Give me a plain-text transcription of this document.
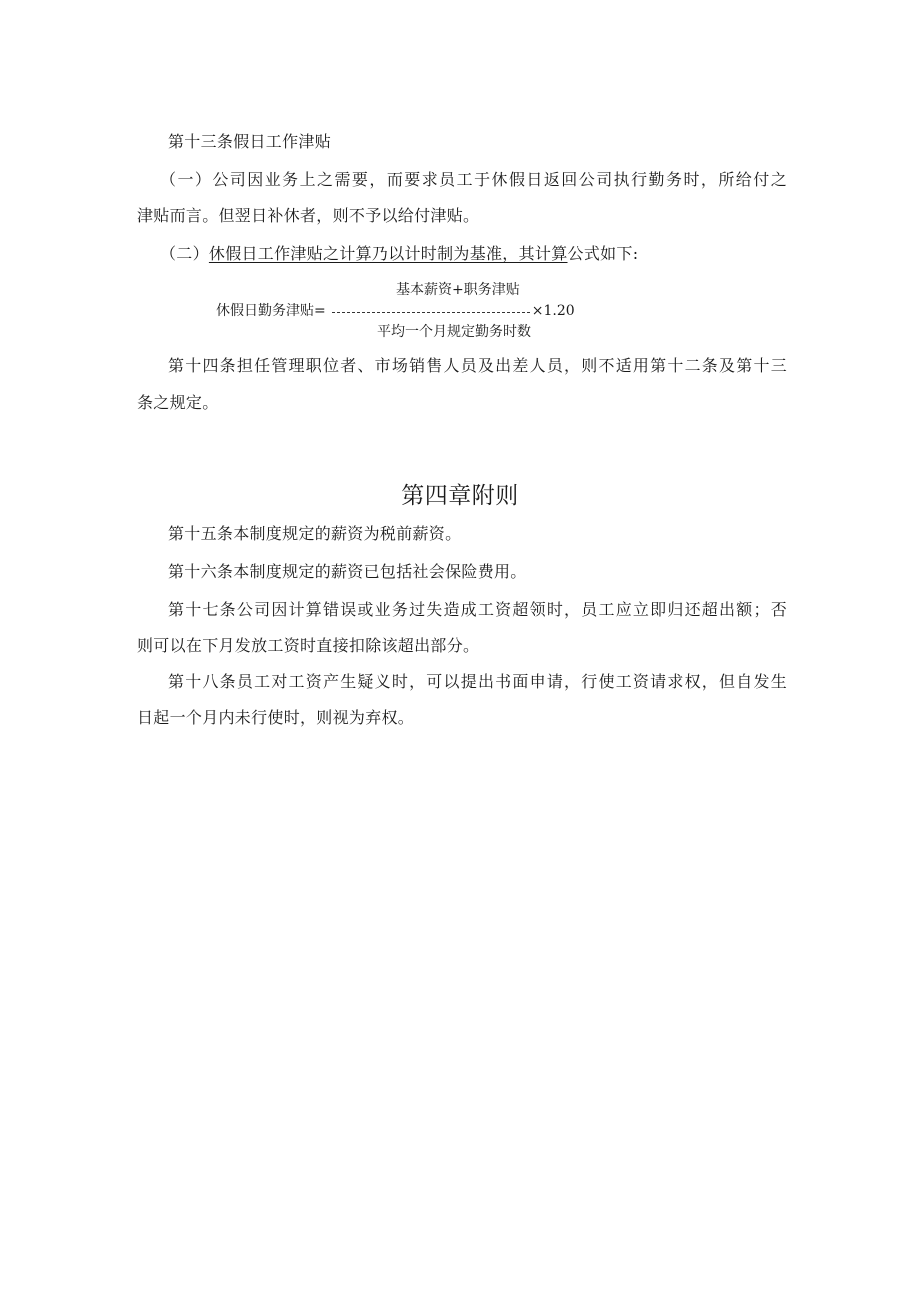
第十三条假日工作津贴
（一）公司因业务上之需要，而要求员工于休假日返回公司执行勤务时，所给付之
津贴而言。但翌日补休者，则不予以给付津贴。
（二）休假日工作津贴之计算乃以计时制为基准，其计算公式如下:
基本薪资+职务津贴
休假日勤务津贴=	×1.20
平均一个月规定勤务时数
第十四条担任管理职位者、市场销售人员及出差人员，则不适用第十二条及第十三
条之规定。
第四章附则
第十五条本制度规定的薪资为税前薪资。
第十六条本制度规定的薪资已包括社会保险费用。
第十七条公司因计算错误或业务过失造成工资超领时，员工应立即归还超出额；否
则可以在下月发放工资时直接扣除该超出部分。
第十八条员工对工资产生疑义时，可以提出书面申请，行使工资请求权，但自发生
日起一个月内未行使时，则视为弃权。
